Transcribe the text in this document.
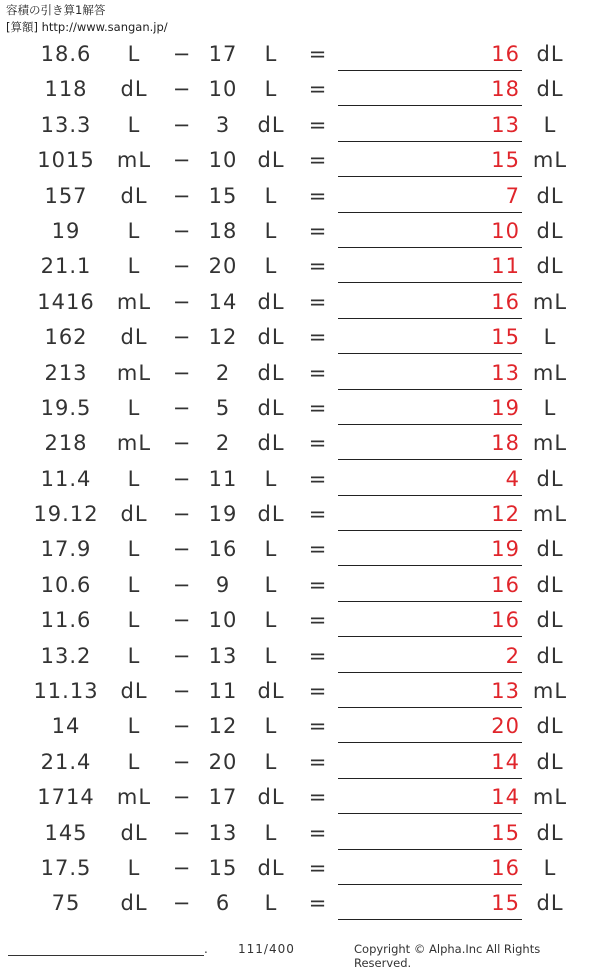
容積の引き算1解答
[算額] http://www.sangan.jp/
18.6	L	− 17	L	=	16 dL
118	dL	− 10	L	=	18 dL
13.3	L	−	3	dL	=	13	L
1015	mL − 10 dL	=	15 mL
157	dL	− 15	L	=	7 dL
19	L	− 18	L	=	10 dL
21.1	L	− 20	L	=	11 dL
1416	mL − 14 dL	=	16 mL
162	dL	− 12 dL	=	15	L
213	mL −	2	dL	=	13 mL
19.5	L	−	5	dL	=	19	L
218	mL −	2	dL	=	18 mL
11.4	L	− 11	L	=	4 dL
19.12	dL	− 19 dL	=	12 mL
17.9	L	− 16	L	=	19 dL
10.6	L	−	9	L	=	16 dL
11.6	L	− 10	L	=	16 dL
13.2	L	− 13	L	=	2 dL
11.13	dL	− 11 dL	=	13 mL
14	L	− 12	L	=	20 dL
21.4	L	− 20	L	=	14 dL
1714	mL − 17 dL	=	14 mL
145	dL	− 13	L	=	15 dL
17.5	L	− 15 dL	=	16	L
75	dL	−	6	L	=	15 dL
.	111/400	Copyright © Alpha.Inc All Rights Reserved.
